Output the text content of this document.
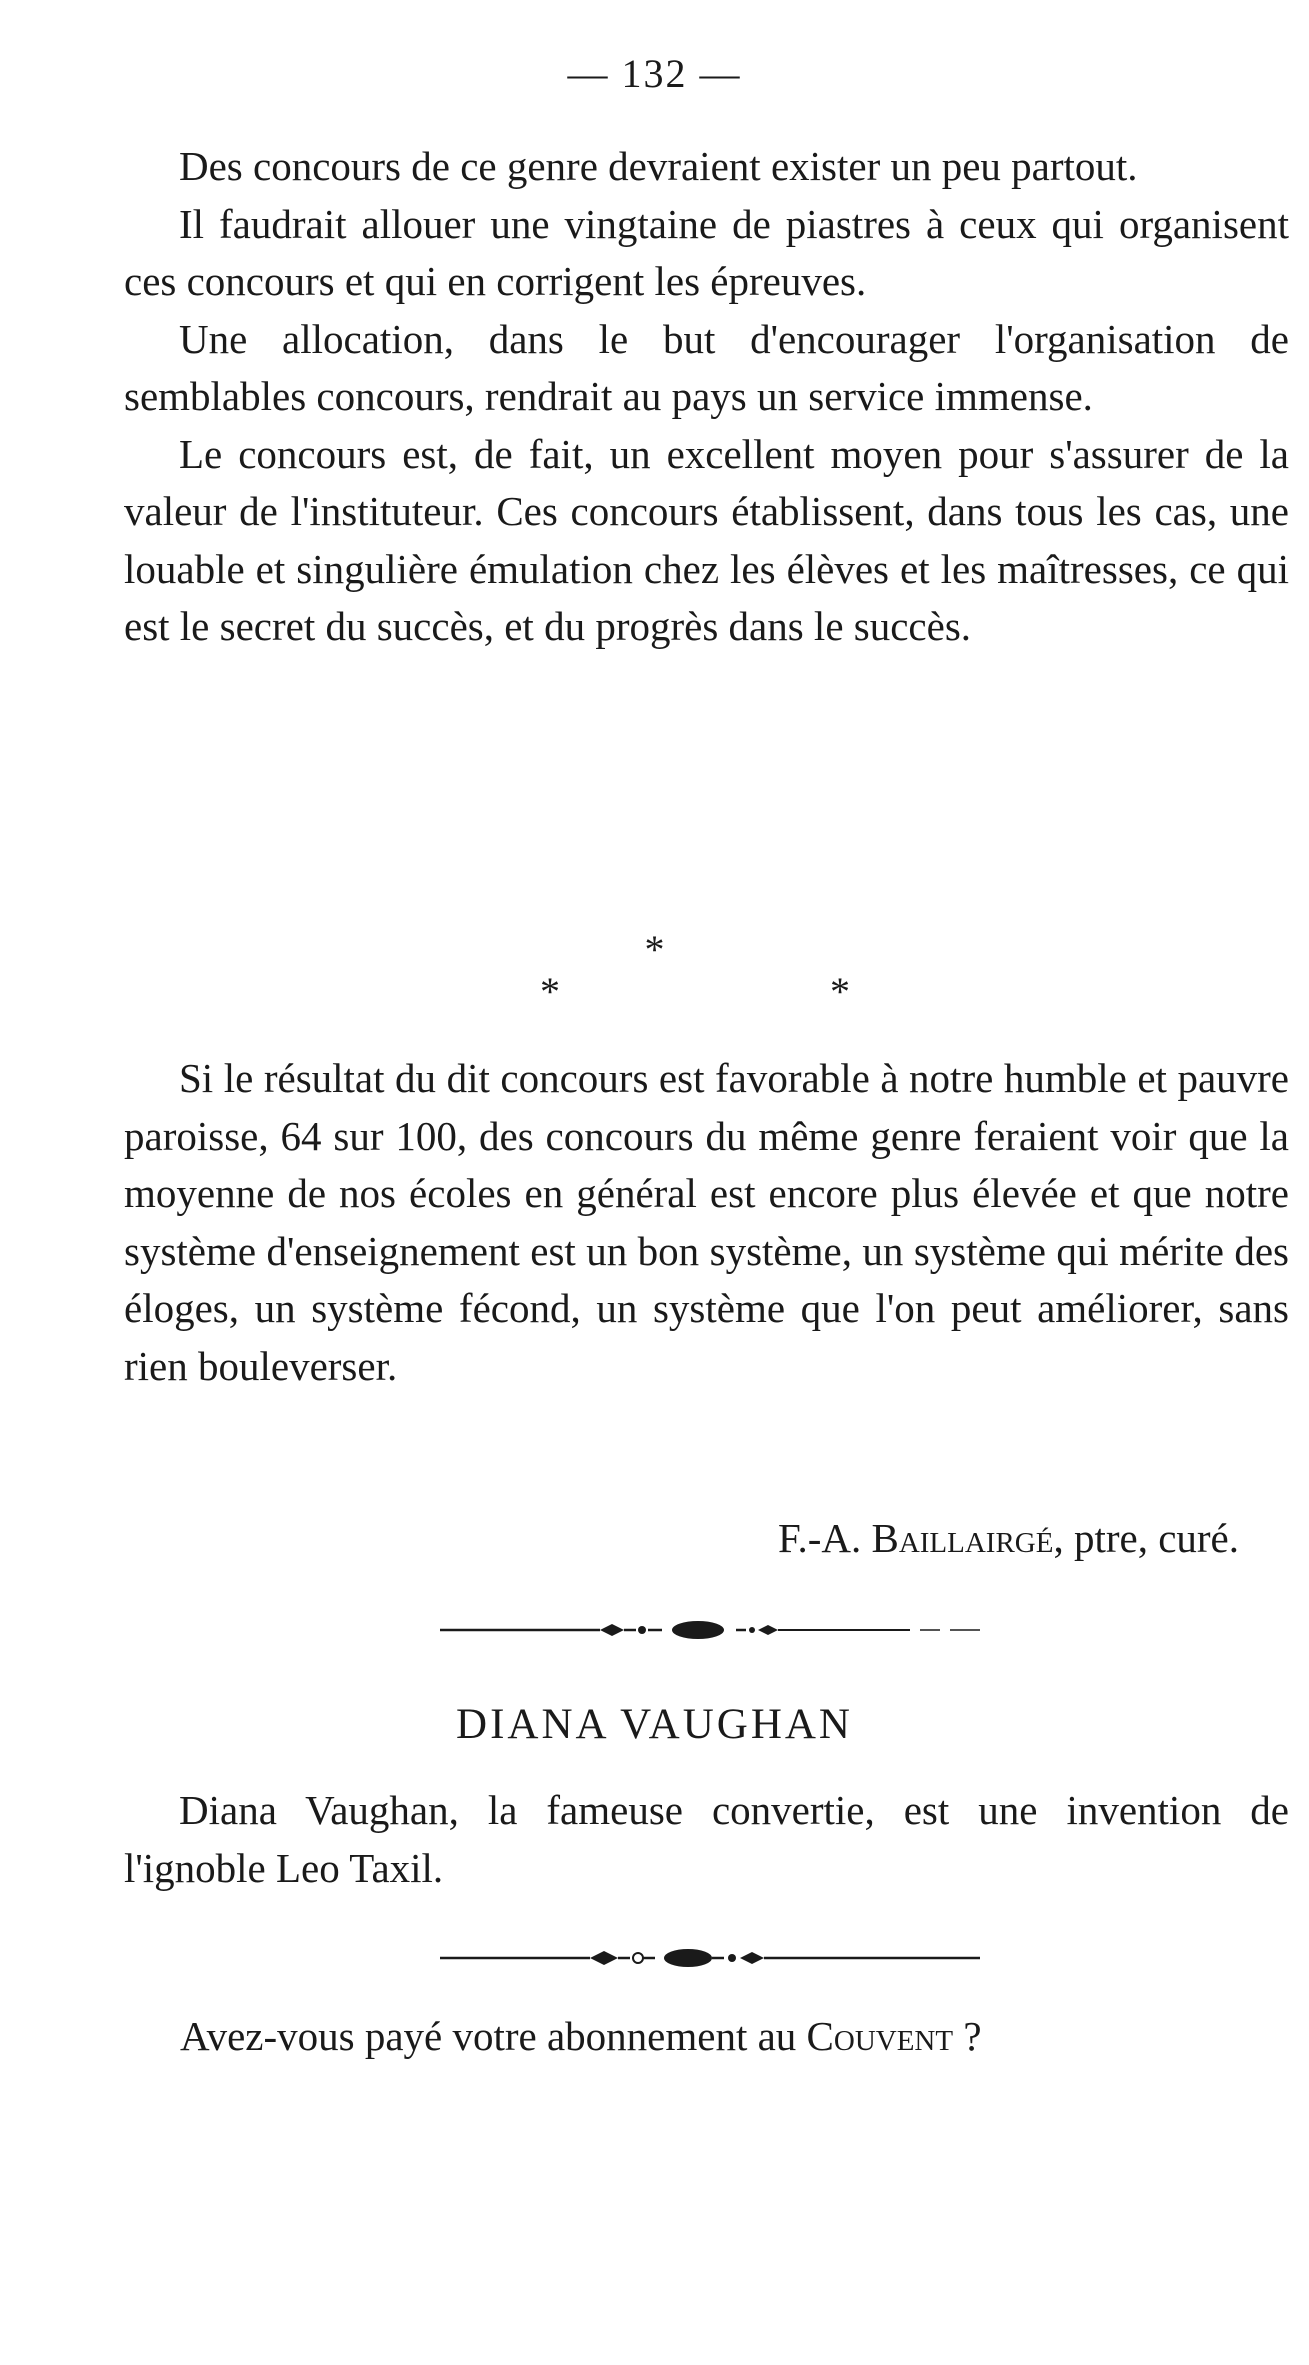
— 132 —

Des concours de ce genre devraient exister un peu partout.

Il faudrait allouer une vingtaine de piastres à ceux qui organisent ces concours et qui en corrigent les épreuves.

Une allocation, dans le but d'encourager l'organisation de semblables concours, rendrait au pays un service immense.

Le concours est, de fait, un excellent moyen pour s'assurer de la valeur de l'instituteur. Ces concours établissent, dans tous les cas, une louable et singulière émulation chez les élèves et les maîtresses, ce qui est le secret du succès, et du progrès dans le succès.

*
*	*

Si le résultat du dit concours est favorable à notre humble et pauvre paroisse, 64 sur 100, des concours du même genre feraient voir que la moyenne de nos écoles en général est encore plus élevée et que notre système d'enseignement est un bon système, un système qui mérite des éloges, un système fécond, un système que l'on peut améliorer, sans rien bouleverser.

F.-A. Baillairgé, ptre, curé.
DIANA VAUGHAN

Diana Vaughan, la fameuse convertie, est une invention de l'ignoble Leo Taxil.

Avez-vous payé votre abonnement au Couvent ?
